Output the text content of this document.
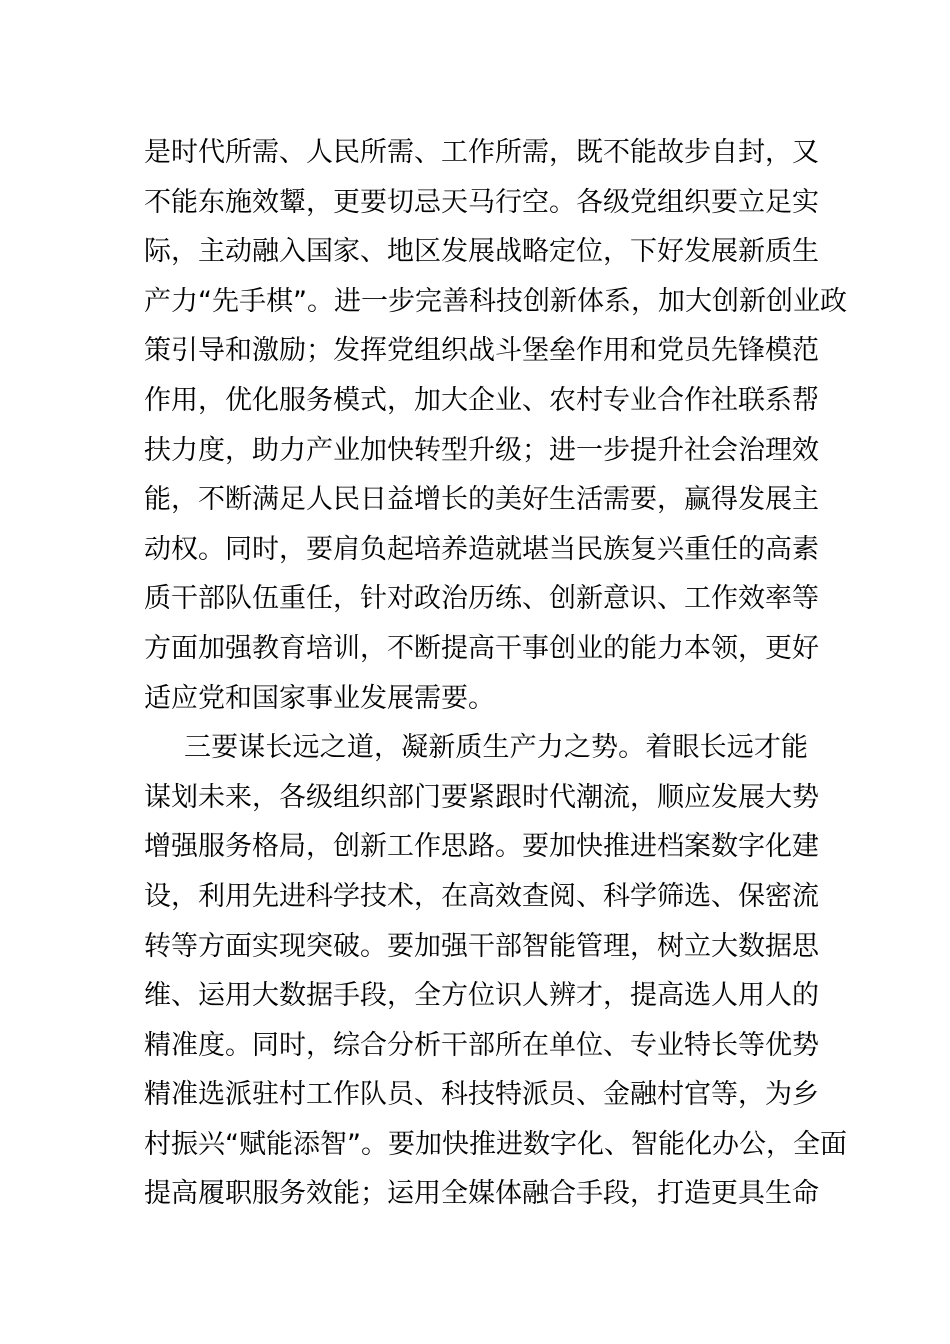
是时代所需、人民所需、工作所需，既不能故步自封，又
不能东施效颦，更要切忌天马行空。各级党组织要立足实
际，主动融入国家、地区发展战略定位，下好发展新质生
产力“先手棋”。进一步完善科技创新体系，加大创新创业政
策引导和激励；发挥党组织战斗堡垒作用和党员先锋模范
作用，优化服务模式，加大企业、农村专业合作社联系帮
扶力度，助力产业加快转型升级；进一步提升社会治理效
能，不断满足人民日益增长的美好生活需要，赢得发展主
动权。同时，要肩负起培养造就堪当民族复兴重任的高素
质干部队伍重任，针对政治历练、创新意识、工作效率等
方面加强教育培训，不断提高干事创业的能力本领，更好
适应党和国家事业发展需要。
三要谋长远之道，凝新质生产力之势。着眼长远才能
谋划未来，各级组织部门要紧跟时代潮流，顺应发展大势
增强服务格局，创新工作思路。要加快推进档案数字化建
设，利用先进科学技术，在高效查阅、科学筛选、保密流
转等方面实现突破。要加强干部智能管理，树立大数据思
维、运用大数据手段，全方位识人辨才，提高选人用人的
精准度。同时，综合分析干部所在单位、专业特长等优势
精准选派驻村工作队员、科技特派员、金融村官等，为乡
村振兴“赋能添智”。要加快推进数字化、智能化办公，全面
提高履职服务效能；运用全媒体融合手段，打造更具生命
